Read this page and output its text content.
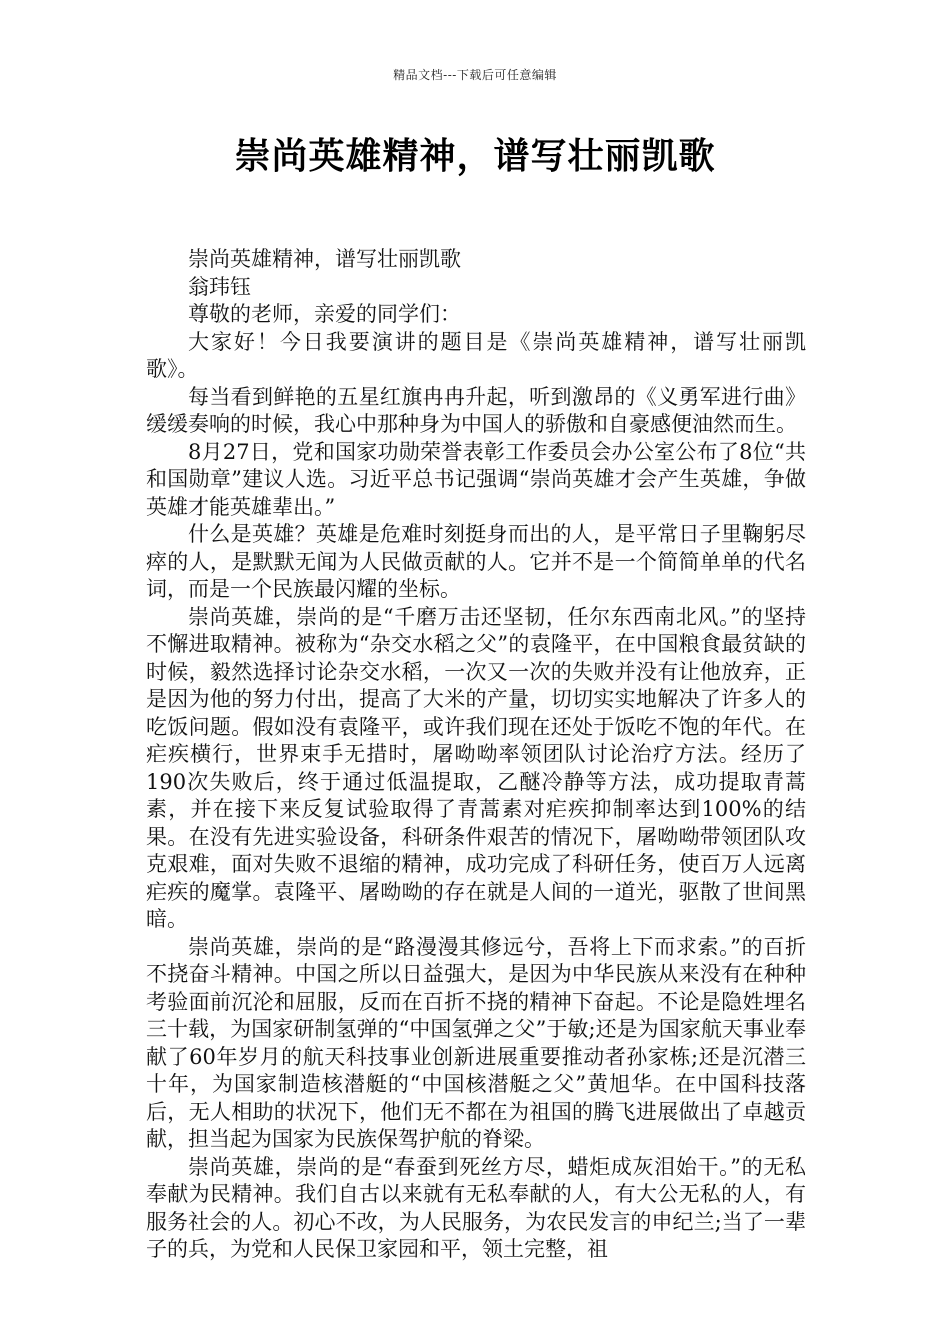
精品文档---下载后可任意编辑
崇尚英雄精神，谱写壮丽凯歌

崇尚英雄精神，谱写壮丽凯歌

翁玮钰

尊敬的老师，亲爱的同学们：

大家好！今日我要演讲的题目是《崇尚英雄精神，谱写壮丽凯歌》。

每当看到鲜艳的五星红旗冉冉升起，听到激昂的《义勇军进行曲》缓缓奏响的时候，我心中那种身为中国人的骄傲和自豪感便油然而生。

8月27日，党和国家功勋荣誉表彰工作委员会办公室公布了8位“共和国勋章”建议人选。习近平总书记强调“崇尚英雄才会产生英雄，争做英雄才能英雄辈出。”

什么是英雄？英雄是危难时刻挺身而出的人，是平常日子里鞠躬尽瘁的人，是默默无闻为人民做贡献的人。它并不是一个简简单单的代名词，而是一个民族最闪耀的坐标。

崇尚英雄，崇尚的是“千磨万击还坚韧，任尔东西南北风。”的坚持不懈进取精神。被称为“杂交水稻之父”的袁隆平，在中国粮食最贫缺的时候，毅然选择讨论杂交水稻，一次又一次的失败并没有让他放弃，正是因为他的努力付出，提高了大米的产量，切切实实地解决了许多人的吃饭问题。假如没有袁隆平，或许我们现在还处于饭吃不饱的年代。在疟疾横行，世界束手无措时，屠呦呦率领团队讨论治疗方法。经历了190次失败后，终于通过低温提取，乙醚冷静等方法，成功提取青蒿素，并在接下来反复试验取得了青蒿素对疟疾抑制率达到100%的结果。在没有先进实验设备，科研条件艰苦的情况下，屠呦呦带领团队攻克艰难，面对失败不退缩的精神，成功完成了科研任务，使百万人远离疟疾的魔掌。袁隆平、屠呦呦的存在就是人间的一道光，驱散了世间黑暗。

崇尚英雄，崇尚的是“路漫漫其修远兮，吾将上下而求索。”的百折不挠奋斗精神。中国之所以日益强大，是因为中华民族从来没有在种种考验面前沉沦和屈服，反而在百折不挠的精神下奋起。不论是隐姓埋名三十载，为国家研制氢弹的“中国氢弹之父”于敏;还是为国家航天事业奉献了60年岁月的航天科技事业创新进展重要推动者孙家栋;还是沉潜三十年，为国家制造核潜艇的“中国核潜艇之父”黄旭华。在中国科技落后，无人相助的状况下，他们无不都在为祖国的腾飞进展做出了卓越贡献，担当起为国家为民族保驾护航的脊梁。

崇尚英雄，崇尚的是“春蚕到死丝方尽，蜡炬成灰泪始干。”的无私奉献为民精神。我们自古以来就有无私奉献的人，有大公无私的人，有服务社会的人。初心不改，为人民服务，为农民发言的申纪兰;当了一辈子的兵，为党和人民保卫家园和平，领土完整，祖
